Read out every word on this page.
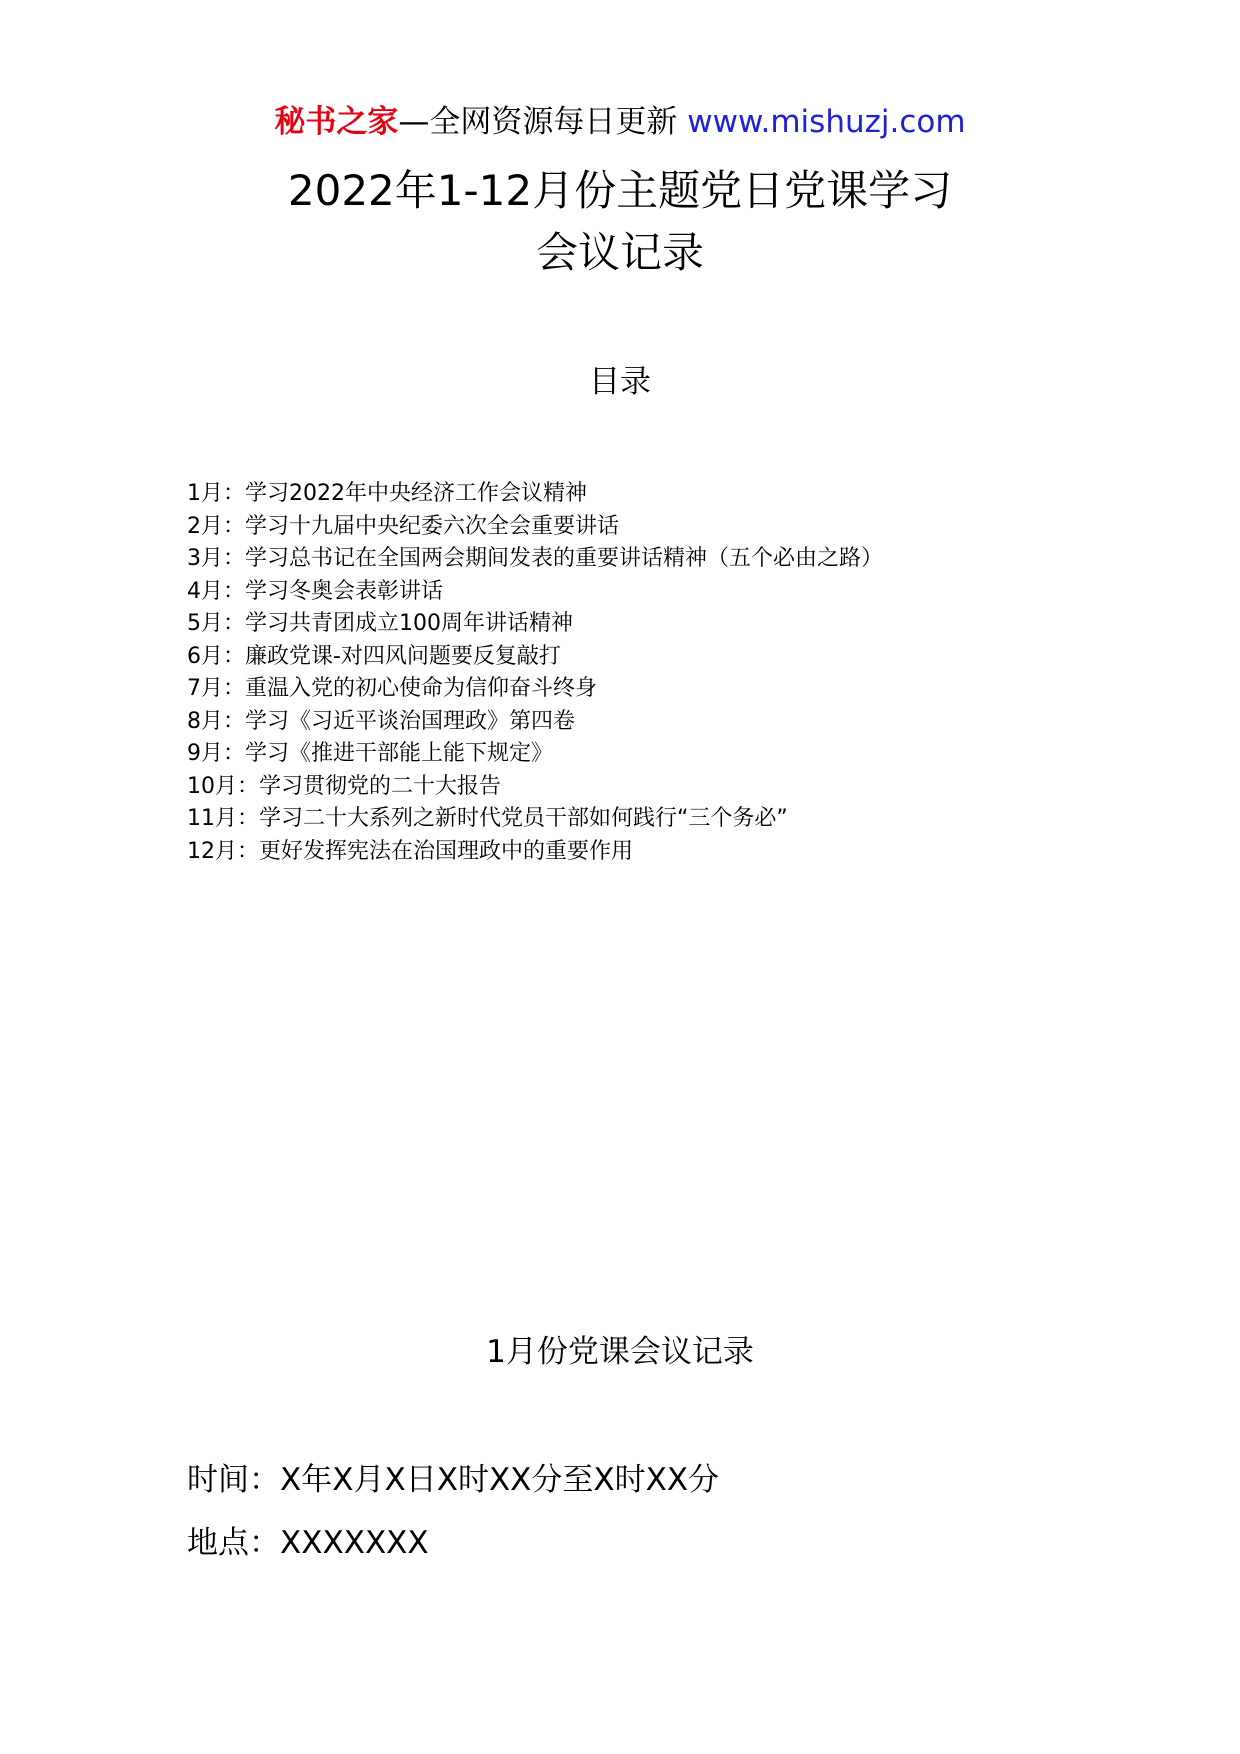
秘书之家—全网资源每日更新 www.mishuzj.com
2022年1-12月份主题党日党课学习
会议记录
目录
1月：学习2022年中央经济工作会议精神
2月：学习十九届中央纪委六次全会重要讲话
3月：学习总书记在全国两会期间发表的重要讲话精神（五个必由之路）
4月：学习冬奥会表彰讲话
5月：学习共青团成立100周年讲话精神
6月：廉政党课-对四风问题要反复敲打
7月：重温入党的初心使命为信仰奋斗终身
8月：学习《习近平谈治国理政》第四卷
9月：学习《推进干部能上能下规定》
10月：学习贯彻党的二十大报告
11月：学习二十大系列之新时代党员干部如何践行“三个务必”
12月：更好发挥宪法在治国理政中的重要作用
1月份党课会议记录
时间：X年X月X日X时XX分至X时XX分
地点：XXXXXXX
